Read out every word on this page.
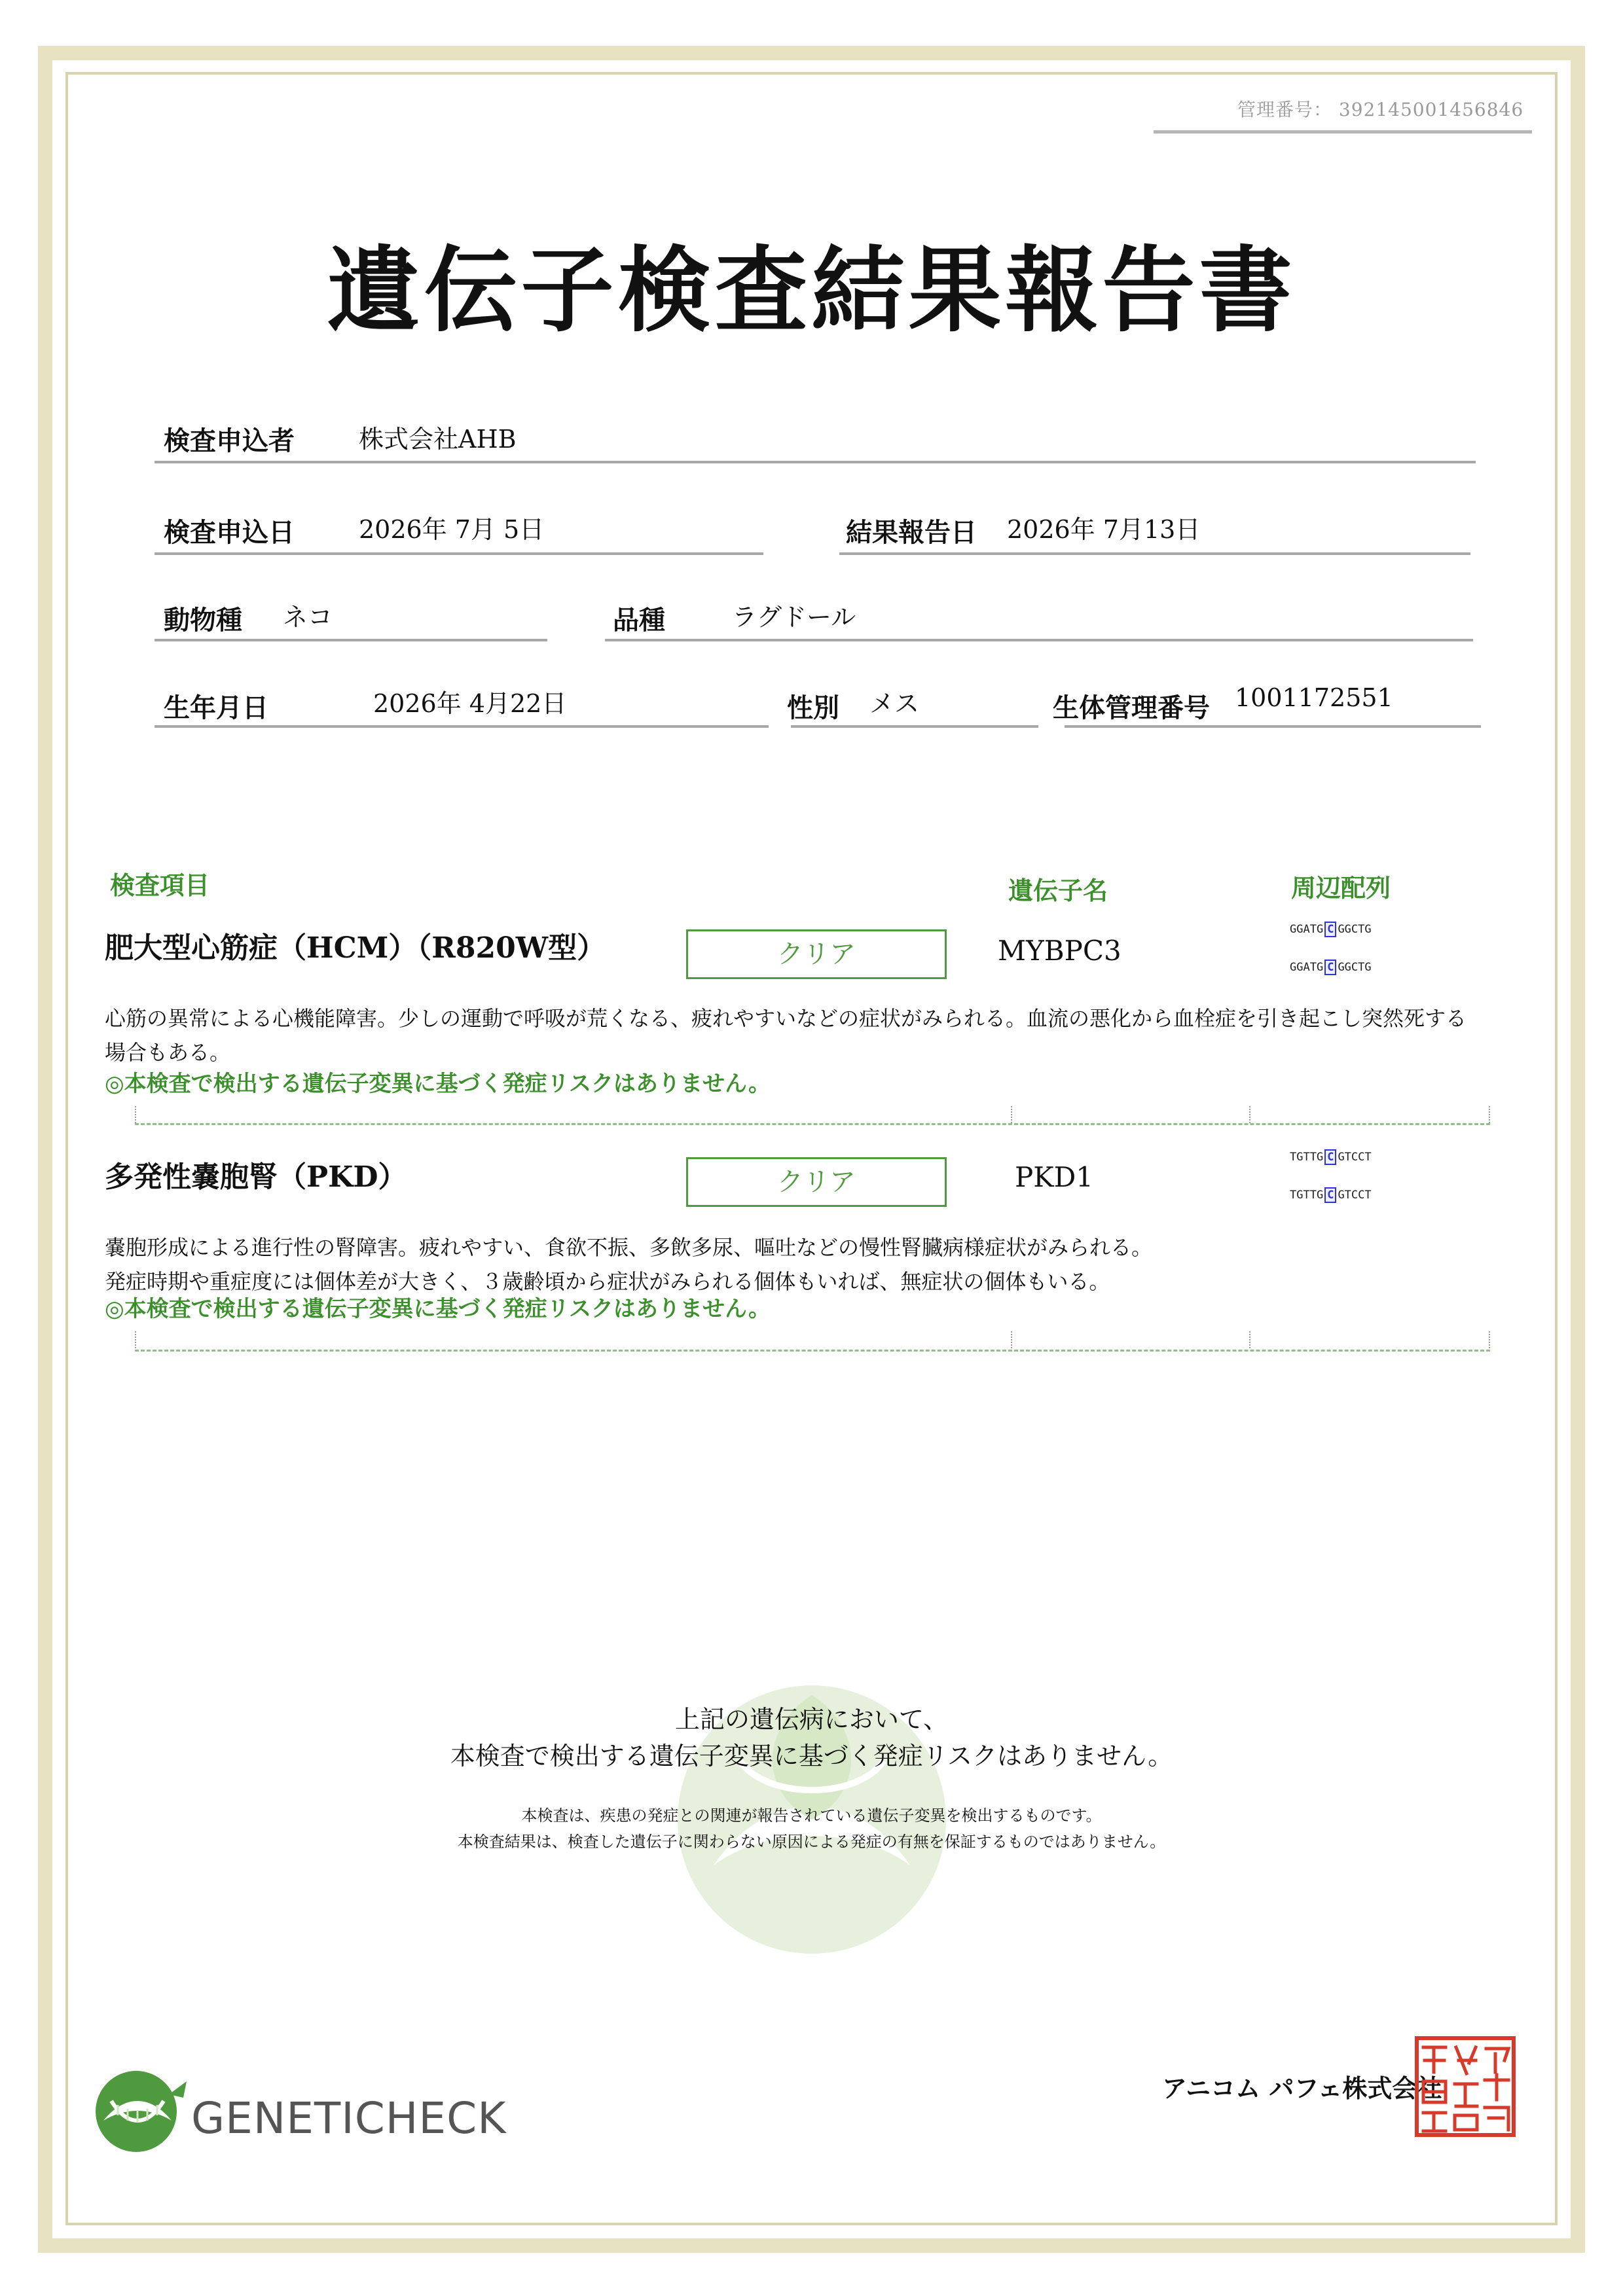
管理番号： 392145001456846
遺伝子検査結果報告書
検査申込者	株式会社AHB
検査申込日	2026年 7月 5日	結果報告日 2026年 7月13日
動物種 ネコ	品種	ラグドール
生年月日	2026年 4月22日	性別 メス	生体管理番号 1001172551
検査項目	遺伝子名	周辺配列
肥大型心筋症（HCM）（R820W型）	クリア	MYBPC3
GGATG C GGCTG
GGATG C GGCTG
心筋の異常による心機能障害。少しの運動で呼吸が荒くなる、疲れやすいなどの症状がみられる。血流の悪化から血栓症を引き起こし突然死する
場合もある。
◎本検査で検出する遺伝子変異に基づく発症リスクはありません。
多発性嚢胞腎（PKD）	クリア	PKD1
TGTTG C GTCCT
TGTTG C GTCCT
嚢胞形成による進行性の腎障害。疲れやすい、食欲不振、多飲多尿、嘔吐などの慢性腎臓病様症状がみられる。
発症時期や重症度には個体差が大きく、３歳齢頃から症状がみられる個体もいれば、無症状の個体もいる。
◎本検査で検出する遺伝子変異に基づく発症リスクはありません。
上記の遺伝病において、
本検査で検出する遺伝子変異に基づく発症リスクはありません。
本検査は、疾患の発症との関連が報告されている遺伝子変異を検出するものです。
本検査結果は、検査した遺伝子に関わらない原因による発症の有無を保証するものではありません。
GENETICHECK
アニコム パフェ株式会社
